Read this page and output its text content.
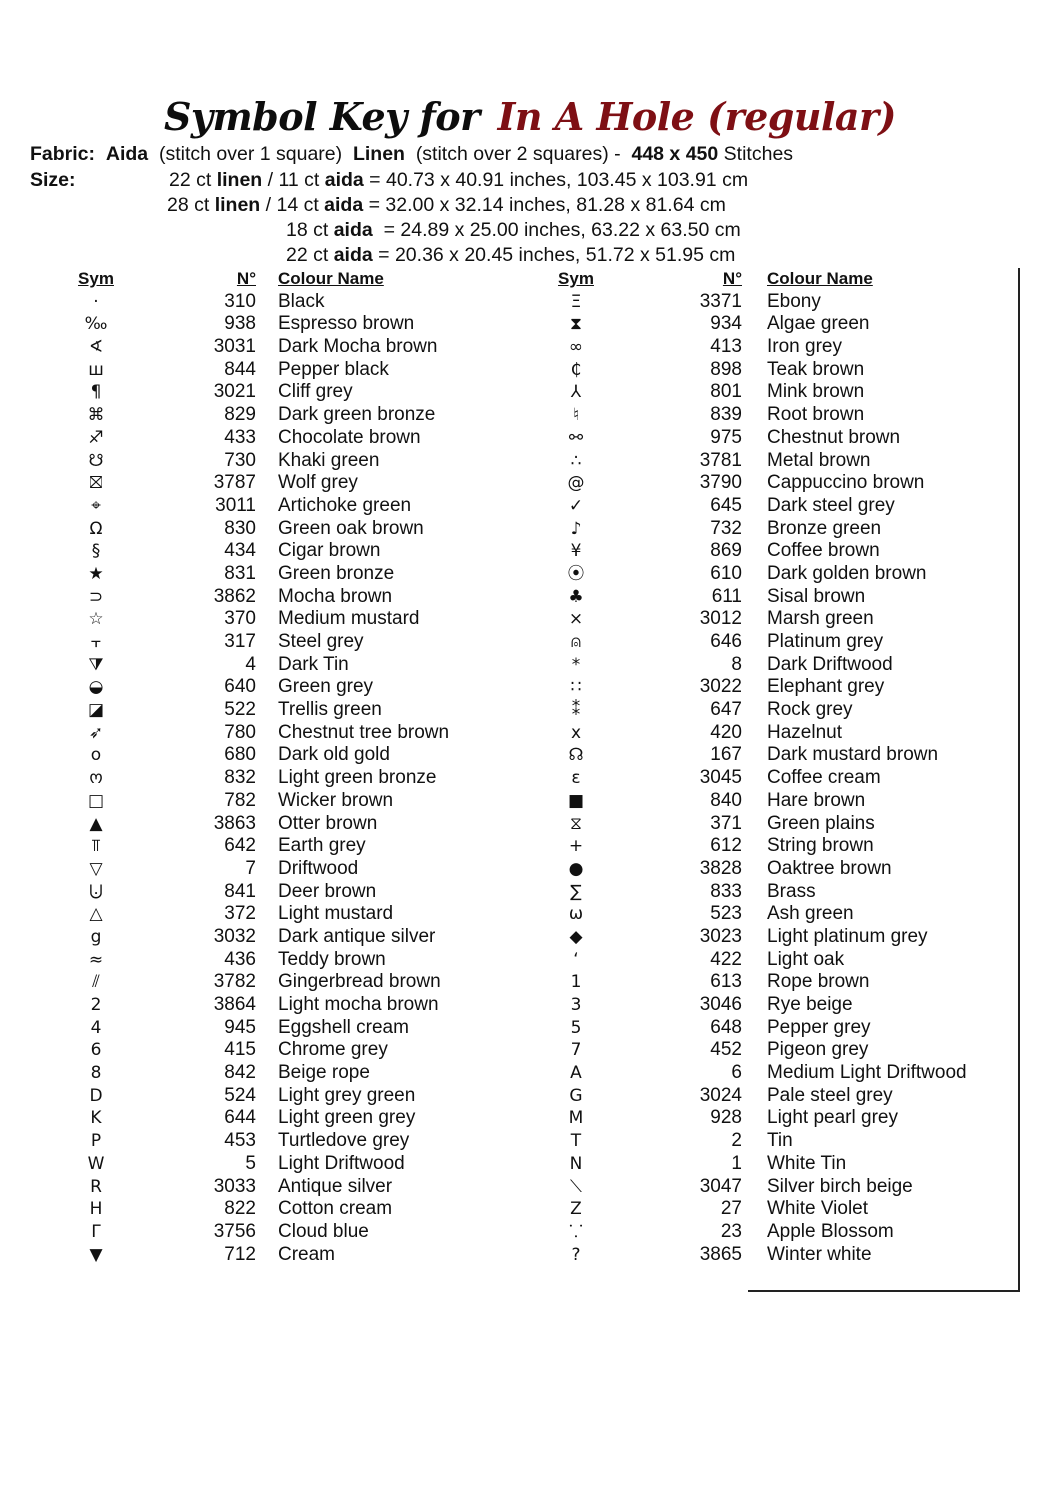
Symbol Key for In A Hole (regular)
Fabric: Aida (stitch over 1 square) Linen (stitch over 2 squares) - 448 x 450 Stitches
Size:	22 ct linen / 11 ct aida = 40.73 x 40.91 inches, 103.45 x 103.91 cm
28 ct linen / 14 ct aida = 32.00 x 32.14 inches, 81.28 x 81.64 cm
18 ct aida  = 24.89 x 25.00 inches, 63.22 x 63.50 cm
22 ct aida = 20.36 x 20.45 inches, 51.72 x 51.95 cm
Sym	N° Colour Name
·	310 Black
‰	938 Espresso brown
∢	3031 Dark Mocha brown
ш	844 Pepper black
¶	3021 Cliff grey
⌘	829 Dark green bronze
♐	433 Chocolate brown
☋	730 Khaki green
⛝	3787 Wolf grey
⌖	3011 Artichoke green
Ω	830 Green oak brown
§	434 Cigar brown
★	831 Green bronze
⊃	3862 Mocha brown
☆	370 Medium mustard
⫟	317 Steel grey
⧩	4 Dark Tin
◒	640 Green grey
◪	522 Trellis green
➶	780 Chestnut tree brown
o	680 Dark old gold
ო	832 Light green bronze
□	782 Wicker brown
▲	3863 Otter brown
⫪	642 Earth grey
▽	7 Driftwood
⨃	841 Deer brown
△	372 Light mustard
g	3032 Dark antique silver
≈	436 Teddy brown
⫽	3782 Gingerbread brown
2	3864 Light mocha brown
4	945 Eggshell cream
6	415 Chrome grey
8	842 Beige rope
D	524 Light grey green
K	644 Light green grey
P	453 Turtledove grey
W	5 Light Driftwood
R	3033 Antique silver
H	822 Cotton cream
Γ	3756 Cloud blue
▼	712 Cream
Sym	N° Colour Name
Ξ	3371 Ebony
⧗	934 Algae green
∞	413 Iron grey
₵	898 Teak brown
⅄	801 Mink brown
♮	839 Root brown
⚯	975 Chestnut brown
∴	3781 Metal brown
@	3790 Cappuccino brown
✓	645 Dark steel grey
♪	732 Bronze green
¥	869 Coffee brown
⦿	610 Dark golden brown
♣	611 Sisal brown
⨯	3012 Marsh green
⍝	646 Platinum grey
*	8 Dark Driftwood
∷	3022 Elephant grey
⁑	647 Rock grey
x	420 Hazelnut
☊	167 Dark mustard brown
ɛ	3045 Coffee cream
■	840 Hare brown
⧖	371 Green plains
+	612 String brown
●	3828 Oaktree brown
∑	833 Brass
ω	523 Ash green
◆	3023 Light platinum grey
ʻ	422 Light oak
1	613 Rope brown
3	3046 Rye beige
5	648 Pepper grey
7	452 Pigeon grey
A	6 Medium Light Driftwood
G	3024 Pale steel grey
M	928 Light pearl grey
T	2 Tin
N	1 White Tin
⟍	3047 Silver birch beige
Z	27 White Violet
⸪	23 Apple Blossom
?	3865 Winter white
